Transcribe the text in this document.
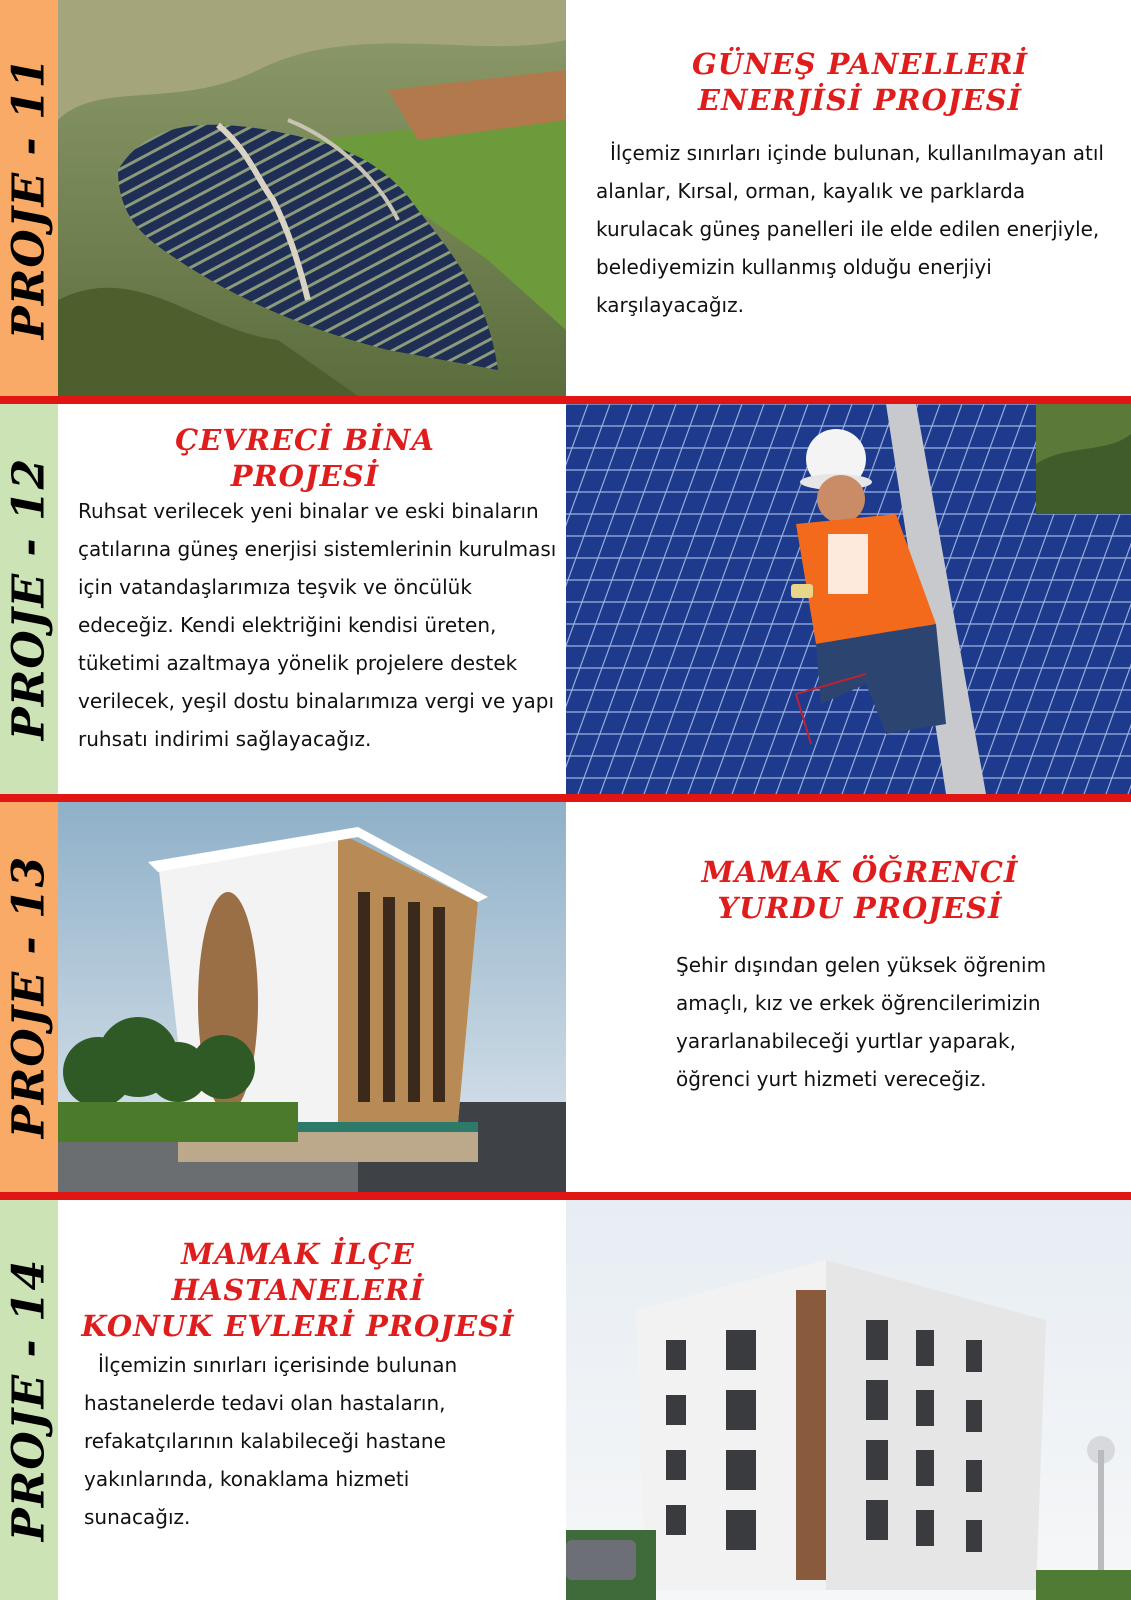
PROJE - 11	GÜNEŞ PANELLERİ
ENERJİSİ PROJESİ

İlçemiz sınırları içinde bulunan, kullanılmayan atıl alanlar, Kırsal, orman, kayalık ve parklarda kurulacak güneş panelleri ile elde edilen enerjiyle, belediyemizin kullanmış olduğu enerjiyi karşılayacağız.

PROJE - 12
ÇEVRECİ BİNA
PROJESİ

Ruhsat verilecek yeni binalar ve eski binaların çatılarına güneş enerjisi sistemlerinin kurulması için vatandaşlarımıza teşvik ve öncülük edeceğiz. Kendi elektriğini kendisi üreten, tüketimi azaltmaya yönelik projelere destek verilecek, yeşil dostu binalarımıza vergi ve yapı ruhsatı indirimi sağlayacağız.

PROJE - 13	MAMAK ÖĞRENCİ
YURDU PROJESİ

Şehir dışından gelen yüksek öğrenim amaçlı, kız ve erkek öğrencilerimizin yararlanabileceği yurtlar yaparak, öğrenci yurt hizmeti vereceğiz.

PROJE - 14
MAMAK İLÇE
HASTANELERİ
KONUK EVLERİ PROJESİ

İlçemizin sınırları içerisinde bulunan hastanelerde tedavi olan hastaların, refakatçılarının kalabileceği hastane yakınlarında, konaklama hizmeti sunacağız.
